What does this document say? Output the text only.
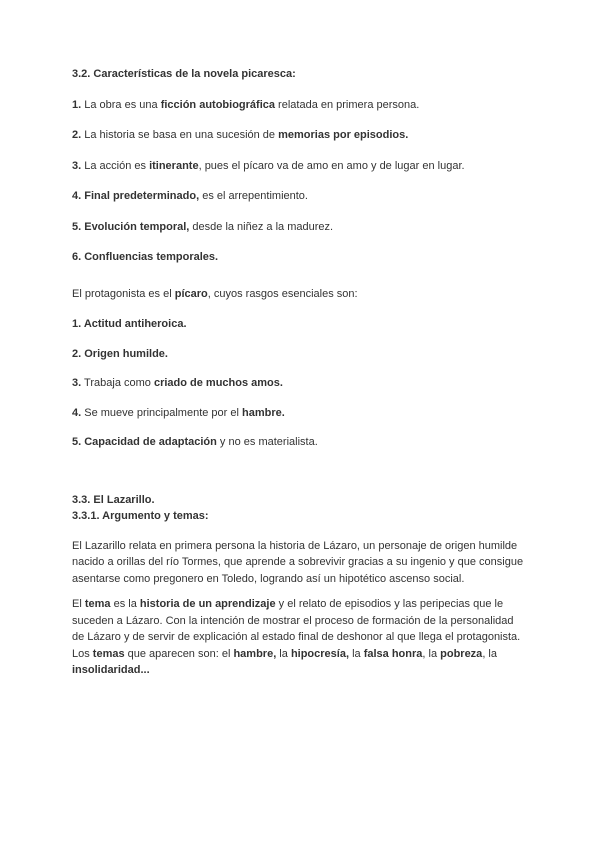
3.2. Características de la novela picaresca:

1. La obra es una ficción autobiográfica relatada en primera persona.

2. La historia se basa en una sucesión de memorias por episodios.

3. La acción es itinerante, pues el pícaro va de amo en amo y de lugar en lugar.

4. Final predeterminado, es el arrepentimiento.

5. Evolución temporal, desde la niñez a la madurez.

6. Confluencias temporales.

El protagonista es el pícaro, cuyos rasgos esenciales son:

1. Actitud antiheroica.

2. Origen humilde.

3. Trabaja como criado de muchos amos.

4. Se mueve principalmente por el hambre.

5. Capacidad de adaptación y no es materialista.

3.3. El Lazarillo.
3.3.1. Argumento y temas:

El Lazarillo relata en primera persona la historia de Lázaro, un personaje de origen humilde
nacido a orillas del río Tormes, que aprende a sobrevivir gracias a su ingenio y que consigue
asentarse como pregonero en Toledo, logrando así un hipotético ascenso social.

El tema es la historia de un aprendizaje y el relato de episodios y las peripecias que le
suceden a Lázaro. Con la intención de mostrar el proceso de formación de la personalidad
de Lázaro y de servir de explicación al estado final de deshonor al que llega el protagonista.
Los temas que aparecen son: el hambre, la hipocresía, la falsa honra, la pobreza, la
insolidaridad...
